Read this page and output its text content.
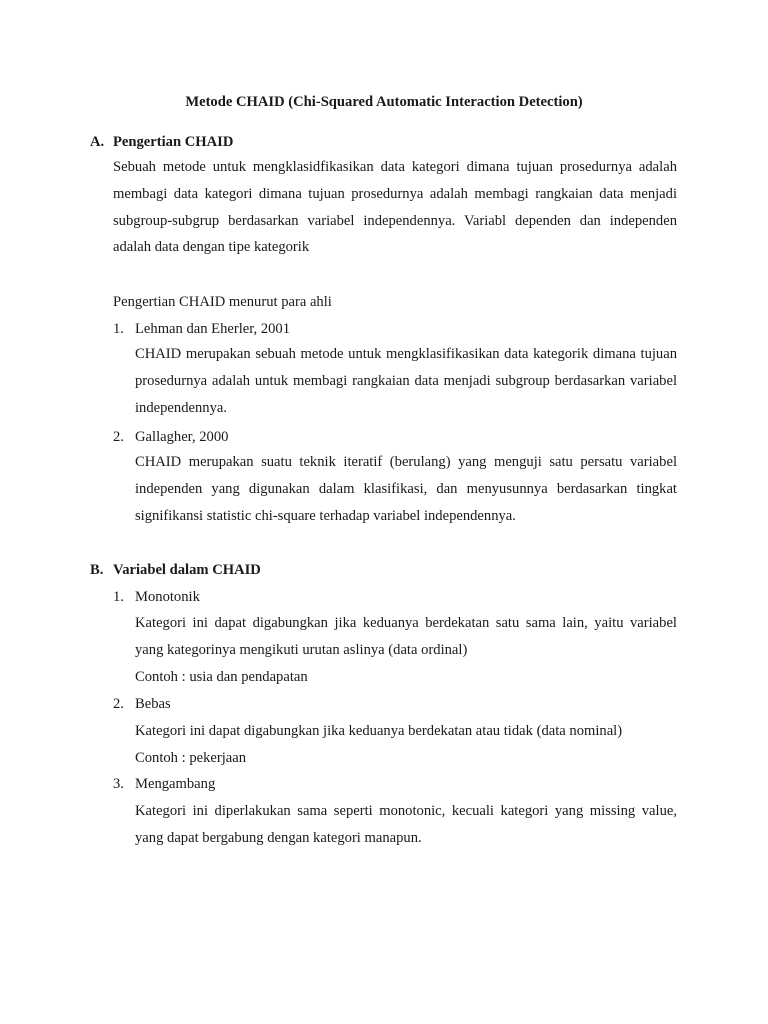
Metode CHAID (Chi-Squared Automatic Interaction Detection)
A. Pengertian CHAID
Sebuah metode untuk mengklasidfikasikan data kategori dimana tujuan prosedurnya adalah membagi data kategori dimana tujuan prosedurnya adalah membagi rangkaian data menjadi subgroup-subgrup berdasarkan variabel independennya. Variabl dependen dan independen adalah data dengan tipe kategorik
Pengertian CHAID menurut para ahli
1. Lehman dan Eherler, 2001
CHAID merupakan sebuah metode untuk mengklasifikasikan data kategorik dimana tujuan prosedurnya adalah untuk membagi rangkaian data menjadi subgroup berdasarkan variabel independennya.
2. Gallagher, 2000
CHAID merupakan suatu teknik iteratif (berulang) yang menguji satu persatu variabel independen yang digunakan dalam klasifikasi, dan menyusunnya berdasarkan tingkat signifikansi statistic chi-square terhadap variabel independennya.
B. Variabel dalam CHAID
1. Monotonik
Kategori ini dapat digabungkan jika keduanya berdekatan satu sama lain, yaitu variabel yang kategorinya mengikuti urutan aslinya (data ordinal)
Contoh : usia dan pendapatan
2. Bebas
Kategori ini dapat digabungkan jika keduanya berdekatan atau tidak (data nominal)
Contoh : pekerjaan
3. Mengambang
Kategori ini diperlakukan sama seperti monotonic, kecuali kategori yang missing value, yang dapat bergabung dengan kategori manapun.
